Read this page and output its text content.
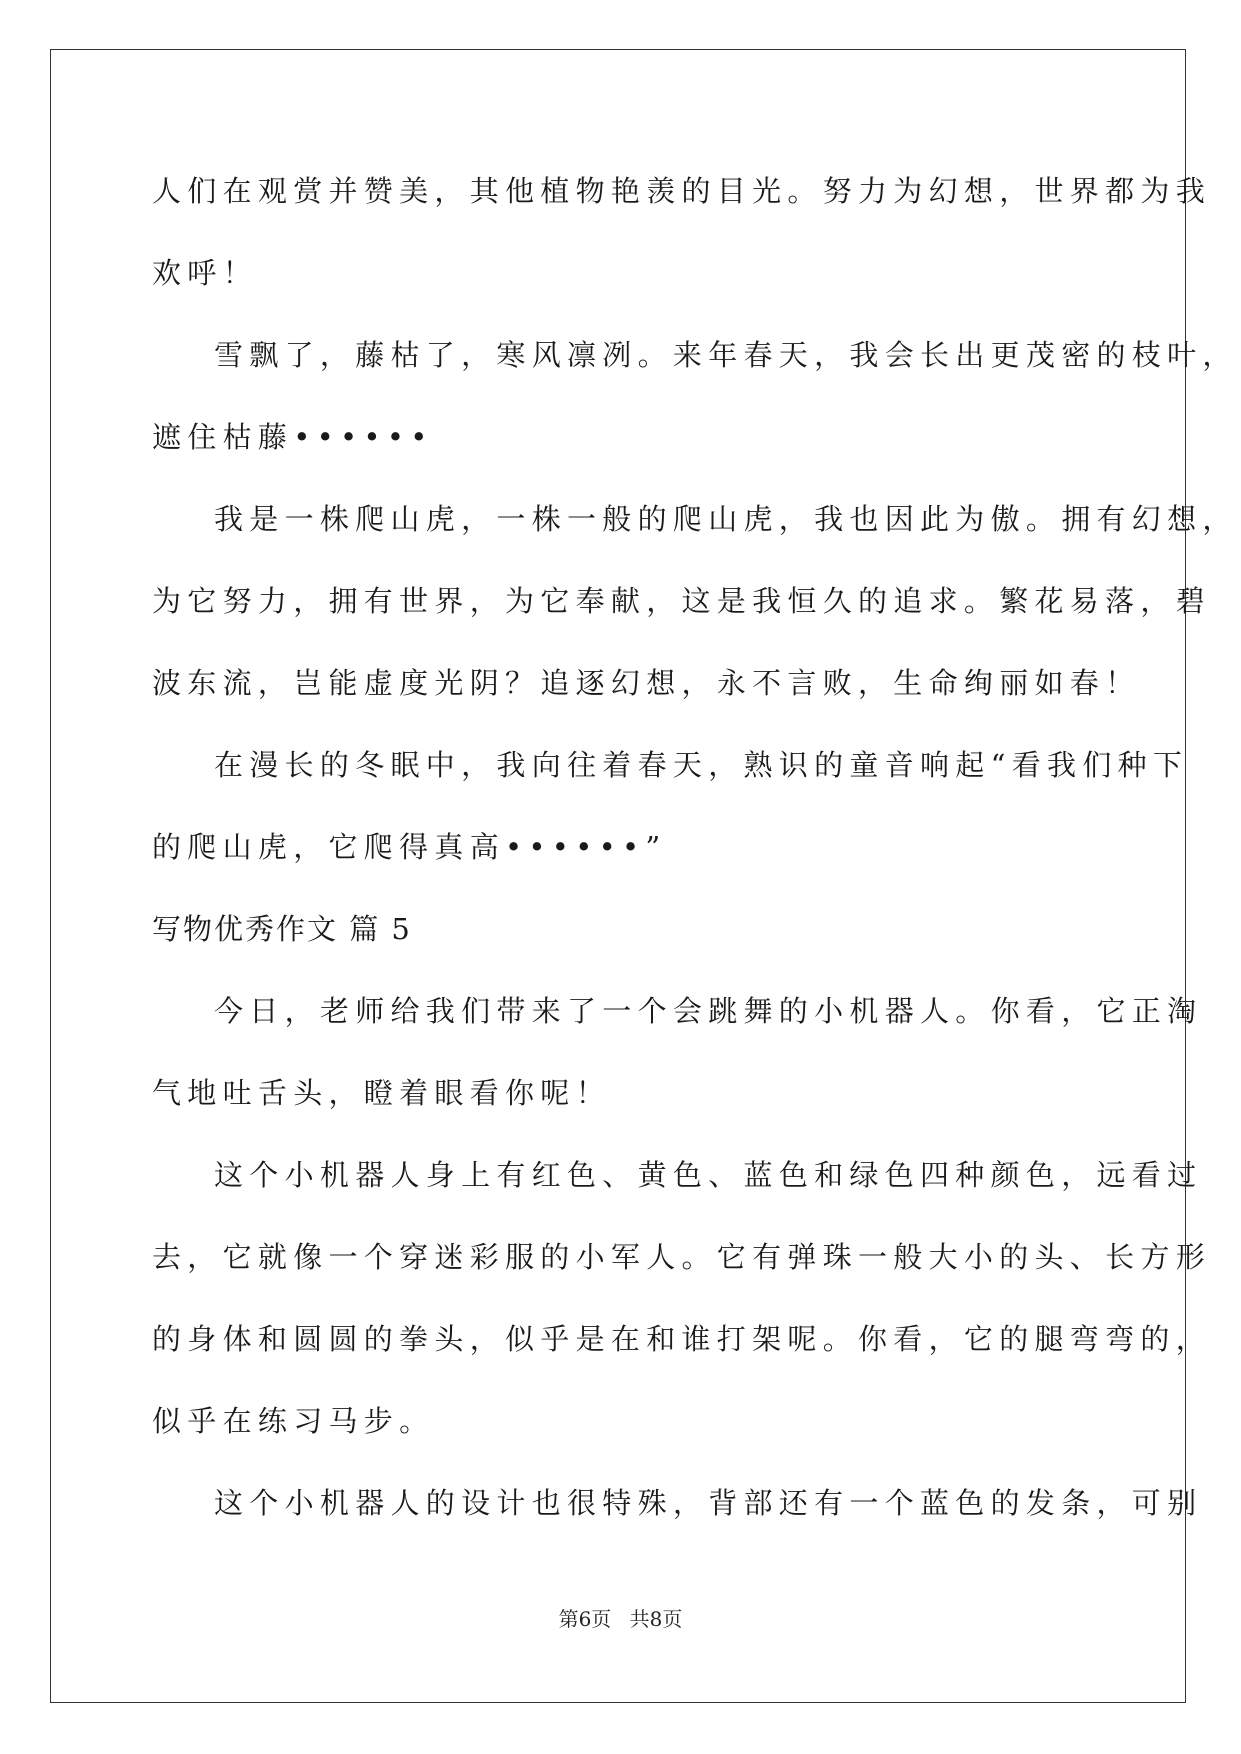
人们在观赏并赞美，其他植物艳羡的目光。努力为幻想，世界都为我
欢呼！
雪飘了，藤枯了，寒风凛冽。来年春天，我会长出更茂密的枝叶，
遮住枯藤••••••
我是一株爬山虎，一株一般的爬山虎，我也因此为傲。拥有幻想，
为它努力，拥有世界，为它奉献，这是我恒久的追求。繁花易落，碧
波东流，岂能虚度光阴？追逐幻想，永不言败，生命绚丽如春！
在漫长的冬眠中，我向往着春天，熟识的童音响起“看我们种下
的爬山虎，它爬得真高••••••”
写物优秀作文 篇 5
今日，老师给我们带来了一个会跳舞的小机器人。你看，它正淘
气地吐舌头，瞪着眼看你呢！
这个小机器人身上有红色、黄色、蓝色和绿色四种颜色，远看过
去，它就像一个穿迷彩服的小军人。它有弹珠一般大小的头、长方形
的身体和圆圆的拳头，似乎是在和谁打架呢。你看，它的腿弯弯的，
似乎在练习马步。
这个小机器人的设计也很特殊，背部还有一个蓝色的发条，可别
第6页 共8页
